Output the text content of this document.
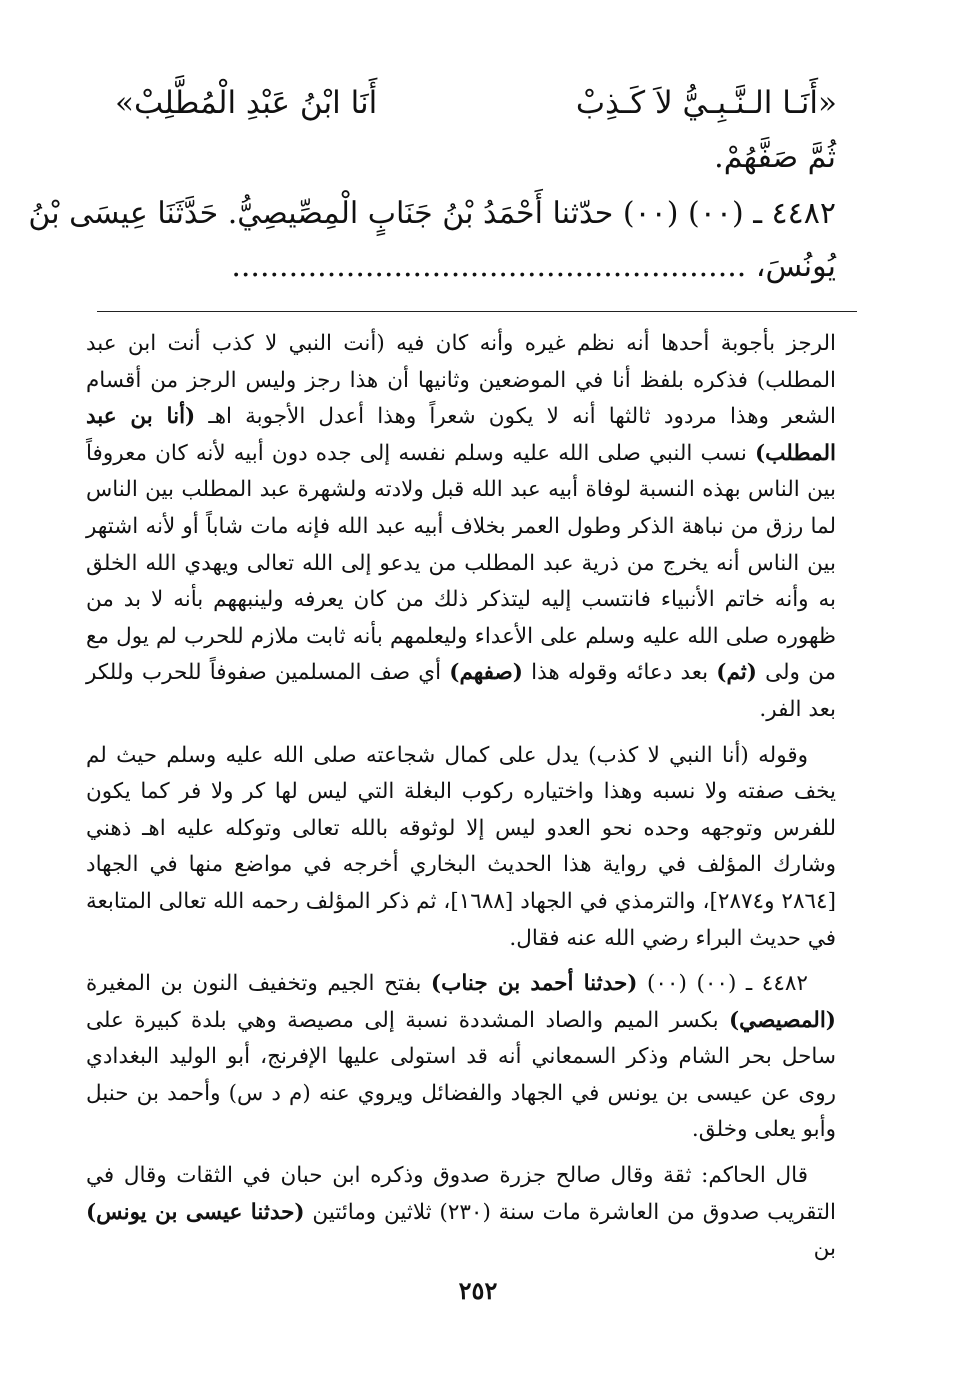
«أَنَـا الـنَّـبِـيُّ لاَ كَـذِبْ
أَنَا ابْنُ عَبْدِ الْمُطَّلِبْ»
ثُمَّ صَفَّهُمْ.
٤٤٨٢ ـ (٠٠) (٠٠) حدّثنا أَحْمَدُ بْنُ جَنَابٍ الْمِصِّيصِيُّ. حَدَّثَنَا عِيسَى بْنُ
يُونُسَ، ......................................................

الرجز بأجوبة أحدها أنه نظم غيره وأنه كان فيه (أنت النبي لا كذب أنت ابن عبد المطلب) فذكره بلفظ أنا في الموضعين وثانيها أن هذا رجز وليس الرجز من أقسام الشعر وهذا مردود ثالثها أنه لا يكون شعراً وهذا أعدل الأجوبة اهـ (أنا بن عبد المطلب) نسب النبي صلى الله عليه وسلم نفسه إلى جده دون أبيه لأنه كان معروفاً بين الناس بهذه النسبة لوفاة أبيه عبد الله قبل ولادته ولشهرة عبد المطلب بين الناس لما رزق من نباهة الذكر وطول العمر بخلاف أبيه عبد الله فإنه مات شاباً أو لأنه اشتهر بين الناس أنه يخرج من ذرية عبد المطلب من يدعو إلى الله تعالى ويهدي الله الخلق به وأنه خاتم الأنبياء فانتسب إليه ليتذكر ذلك من كان يعرفه ولينبههم بأنه لا بد من ظهوره صلى الله عليه وسلم على الأعداء وليعلمهم بأنه ثابت ملازم للحرب لم يول مع من ولى (ثم) بعد دعائه وقوله هذا (صفهم) أي صف المسلمين صفوفاً للحرب وللكر بعد الفر.

وقوله (أنا النبي لا كذب) يدل على كمال شجاعته صلى الله عليه وسلم حيث لم يخف صفته ولا نسبه وهذا واختياره ركوب البغلة التي ليس لها كر ولا فر كما يكون للفرس وتوجهه وحده نحو العدو ليس إلا لوثوقه بالله تعالى وتوكله عليه اهـ ذهني وشارك المؤلف في رواية هذا الحديث البخاري أخرجه في مواضع منها في الجهاد [٢٨٦٤ و٢٨٧٤]، والترمذي في الجهاد [١٦٨٨]، ثم ذكر المؤلف رحمه الله تعالى المتابعة في حديث البراء رضي الله عنه فقال.

٤٤٨٢ ـ (٠٠) (٠٠) (حدثنا أحمد بن جناب) بفتح الجيم وتخفيف النون بن المغيرة (المصيصي) بكسر الميم والصاد المشددة نسبة إلى مصيصة وهي بلدة كبيرة على ساحل بحر الشام وذكر السمعاني أنه قد استولى عليها الإفرنج، أبو الوليد البغدادي روى عن عيسى بن يونس في الجهاد والفضائل ويروي عنه (م د س) وأحمد بن حنبل وأبو يعلى وخلق.

قال الحاكم: ثقة وقال صالح جزرة صدوق وذكره ابن حبان في الثقات وقال في التقريب صدوق من العاشرة مات سنة (٢٣٠) ثلاثين ومائتين (حدثنا عيسى بن يونس) بن

٢٥٢
